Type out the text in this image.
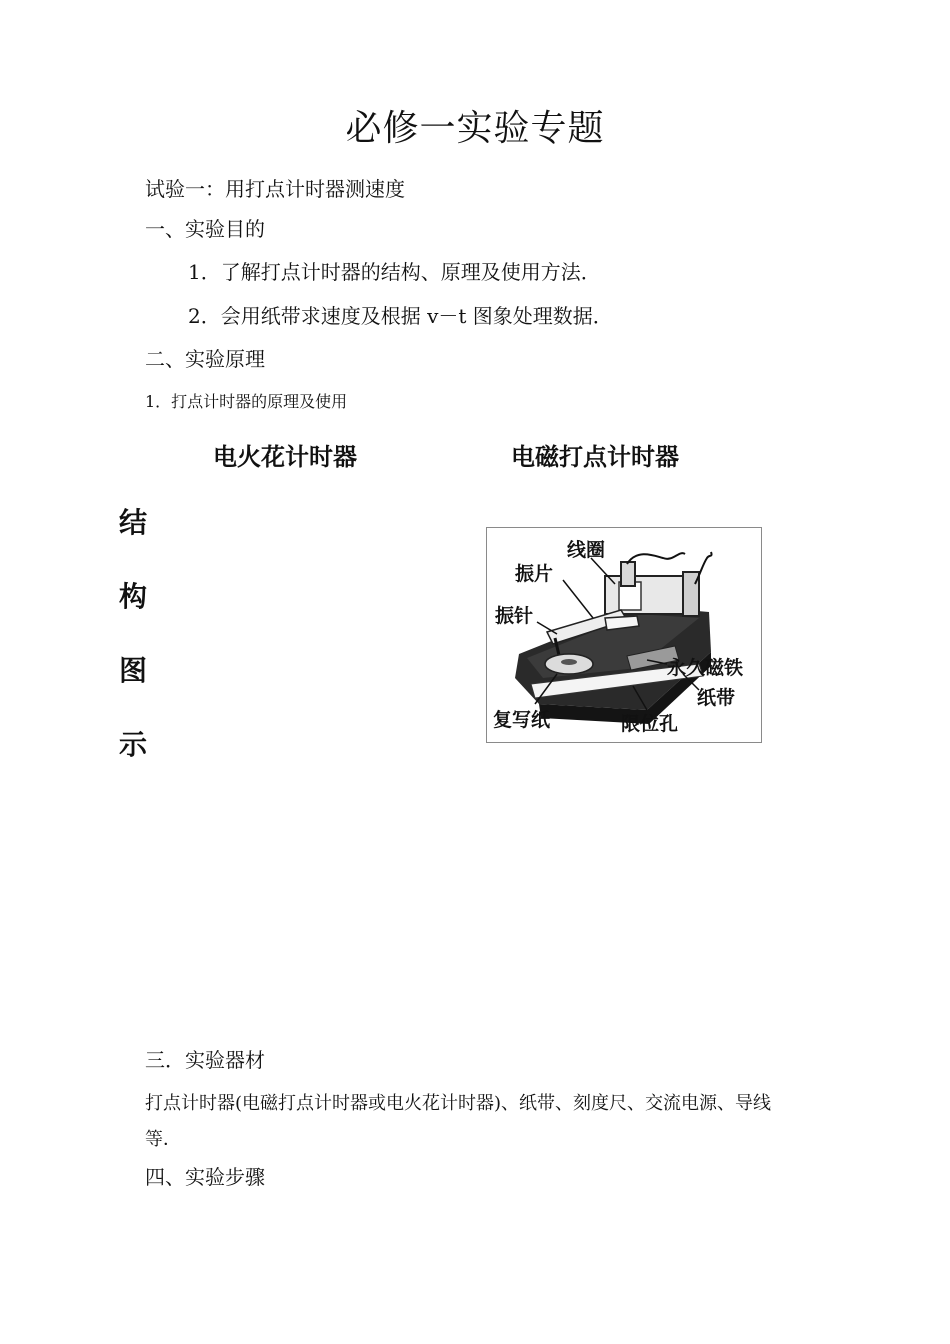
必修一实验专题
试验一：用打点计时器测速度
一、实验目的
1．了解打点计时器的结构、原理及使用方法．
2．会用纸带求速度及根据 v－t 图象处理数据．
二、实验原理
1．打点计时器的原理及使用
电火花计时器	电磁打点计时器
结
构
图
示
线圈
振片
振针
永久磁铁
纸带
复写纸	限位孔
三．实验器材
打点计时器(电磁打点计时器或电火花计时器)、纸带、刻度尺、交流电源、导线
等．
四、实验步骤
